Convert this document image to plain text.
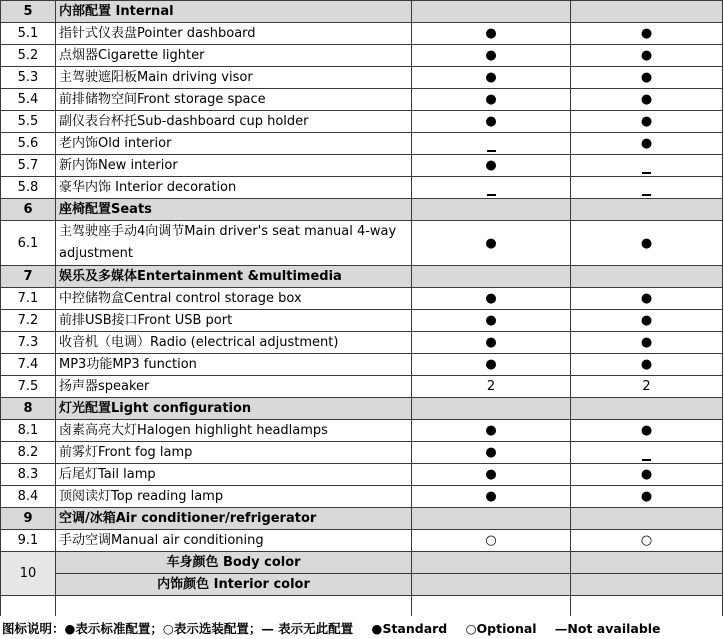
5	内部配置 Internal		
5.1	指针式仪表盘Pointer dashboard	●	●
5.2	点烟器Cigarette lighter	●	●
5.3	主驾驶遮阳板Main driving visor	●	●
5.4	前排储物空间Front storage space	●	●
5.5	副仪表台杯托Sub-dashboard cup holder	●	●
5.6	老内饰Old interior		●
5.7	新内饰New interior	●	
5.8	豪华内饰 Interior decoration		
6	座椅配置Seats		
6.1	主驾驶座手动4向调节Main driver's seat manual 4-way adjustment	●	●
7	娱乐及多媒体Entertainment &multimedia		
7.1	中控储物盒Central control storage box	●	●
7.2	前排USB接口Front USB port	●	●
7.3	收音机（电调）Radio (electrical adjustment)	●	●
7.4	MP3功能MP3 function	●	●
7.5	扬声器speaker	2	2
8	灯光配置Light configuration		
8.1	卤素高亮大灯Halogen highlight headlamps	●	●
8.2	前雾灯Front fog lamp	●	
8.3	后尾灯Tail lamp	●	●
8.4	顶阅读灯Top reading lamp	●	●
9	空调/冰箱Air conditioner/refrigerator		
9.1	手动空调Manual air conditioning	○	○
10	车身颜色 Body color		
	内饰颜色 Interior color		

图标说明：●表示标准配置；○表示选装配置；— 表示无此配置 ●Standard ○Optional —Not available
